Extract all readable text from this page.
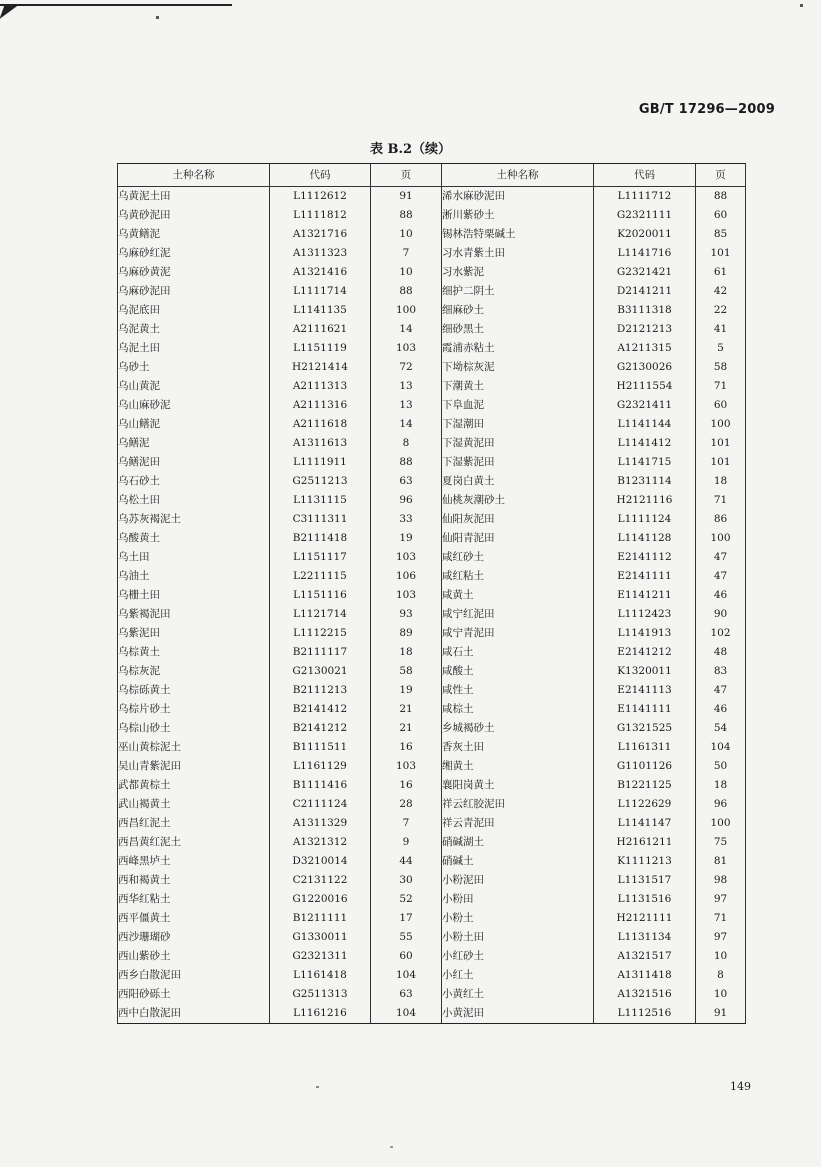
GB/T 17296—2009
表 B.2（续）
土种名称	代码	页	土种名称	代码	页
乌黄泥土田	L1112612	91	浠水麻砂泥田	L1111712	88
乌黄砂泥田	L1111812	88	淅川紫砂土	G2321111	60
乌黄鳝泥	A1321716	10	锡林浩特栗碱土	K2020011	85
乌麻砂红泥	A1311323	7	习水青紫土田	L1141716	101
乌麻砂黄泥	A1321416	10	习水紫泥	G2321421	61
乌麻砂泥田	L1111714	88	细护二阴土	D2141211	42
乌泥底田	L1141135	100	细麻砂土	B3111318	22
乌泥黄土	A2111621	14	细砂黑土	D2121213	41
乌泥土田	L1151119	103	霞浦赤粘土	A1211315	5
乌砂土	H2121414	72	下坳棕灰泥	G2130026	58
乌山黄泥	A2111313	13	下潮黄土	H2111554	71
乌山麻砂泥	A2111316	13	下阜血泥	G2321411	60
乌山鳝泥	A2111618	14	下湿潮田	L1141144	100
乌鳝泥	A1311613	8	下湿黄泥田	L1141412	101
乌鳝泥田	L1111911	88	下湿紫泥田	L1141715	101
乌石砂土	G2511213	63	夏岗白黄土	B1231114	18
乌松土田	L1131115	96	仙桃灰潮砂土	H2121116	71
乌苏灰褐泥土	C3111311	33	仙阳灰泥田	L1111124	86
乌酸黄土	B2111418	19	仙阳青泥田	L1141128	100
乌土田	L1151117	103	咸红砂土	E2141112	47
乌油土	L2211115	106	咸红粘土	E2141111	47
乌栅土田	L1151116	103	咸黄土	E1141211	46
乌紫褐泥田	L1121714	93	咸宁红泥田	L1112423	90
乌紫泥田	L1112215	89	咸宁青泥田	L1141913	102
乌棕黄土	B2111117	18	咸石土	E2141212	48
乌棕灰泥	G2130021	58	咸酸土	K1320011	83
乌棕砾黄土	B2111213	19	咸性土	E2141113	47
乌棕片砂土	B2141412	21	咸棕土	E1141111	46
乌棕山砂土	B2141212	21	乡城褐砂土	G1321525	54
巫山黄棕泥土	B1111511	16	香灰土田	L1161311	104
吴山青紫泥田	L1161129	103	缃黄土	G1101126	50
武都黄棕土	B1111416	16	襄阳岗黄土	B1221125	18
武山褐黄土	C2111124	28	祥云红胶泥田	L1122629	96
西昌红泥土	A1311329	7	祥云青泥田	L1141147	100
西昌黄红泥土	A1321312	9	硝碱湖土	H2161211	75
西峰黑垆土	D3210014	44	硝碱土	K1111213	81
西和褐黄土	C2131122	30	小粉泥田	L1131517	98
西华红粘土	G1220016	52	小粉田	L1131516	97
西平僵黄土	B1211111	17	小粉土	H2121111	71
西沙珊瑚砂	G1330011	55	小粉土田	L1131134	97
西山紫砂土	G2321311	60	小红砂土	A1321517	10
西乡白散泥田	L1161418	104	小红土	A1311418	8
西阳砂砾土	G2511313	63	小黄红土	A1321516	10
西中白散泥田	L1161216	104	小黄泥田	L1112516	91
149
